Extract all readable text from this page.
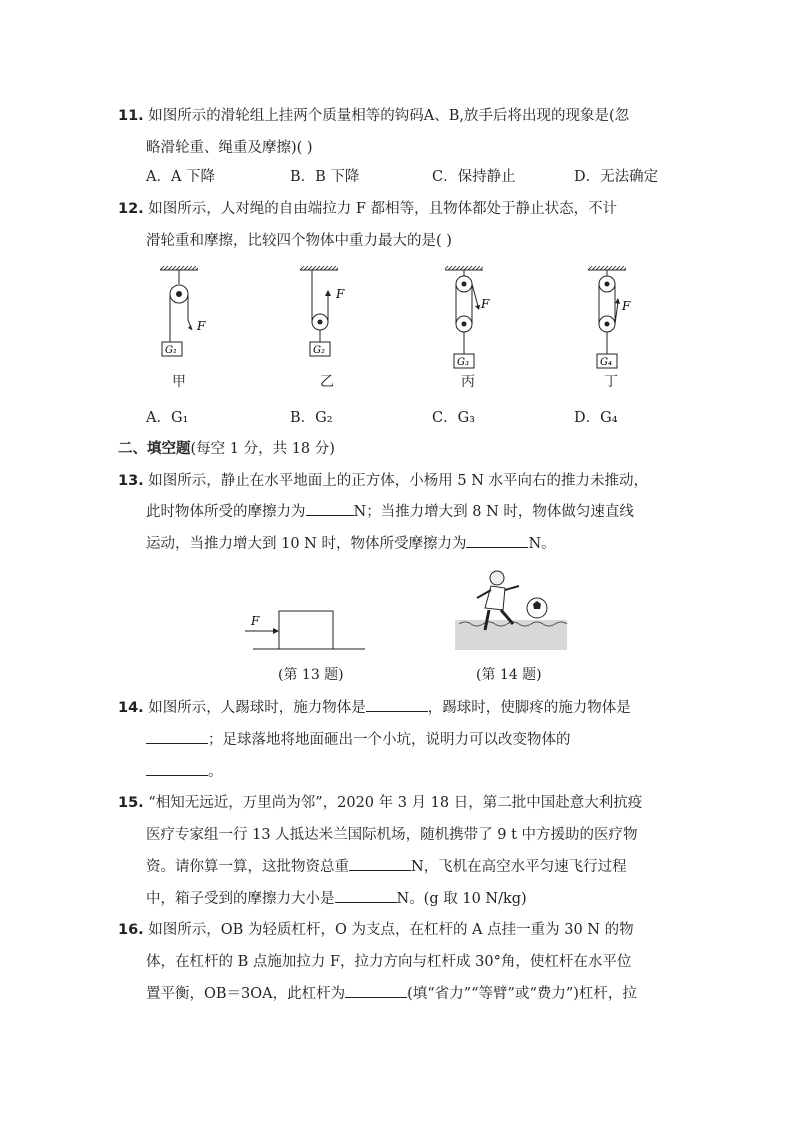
11. 如图所示的滑轮组上挂两个质量相等的钩码A、B,放手后将出现的现象是(忽
略滑轮重、绳重及摩擦)( )
A．A 下降	B．B 下降	C．保持静止	D．无法确定
12. 如图所示，人对绳的自由端拉力 F 都相等，且物体都处于静止状态，不计
滑轮重和摩擦，比较四个物体中重力最大的是( )
F
G₁
F
G₂
F
G₃
F
G₄
甲	乙	丙	丁
A．G₁	B．G₂	C．G₃	D．G₄
二、填空题(每空 1 分，共 18 分)
13. 如图所示，静止在水平地面上的正方体，小杨用 5 N 水平向右的推力未推动，
此时物体所受的摩擦力为	N；当推力增大到 8 N 时，物体做匀速直线
运动，当推力增大到 10 N 时，物体所受摩擦力为	N。
F
(第 13 题)	(第 14 题)
14. 如图所示，人踢球时，施力物体是	，踢球时，使脚疼的施力物体是
；足球落地将地面砸出一个小坑，说明力可以改变物体的
。
15. “相知无远近，万里尚为邻”，2020 年 3 月 18 日，第二批中国赴意大利抗疫
医疗专家组一行 13 人抵达米兰国际机场，随机携带了 9 t 中方援助的医疗物
资。请你算一算，这批物资总重	N，飞机在高空水平匀速飞行过程
中，箱子受到的摩擦力大小是	N。(g 取 10 N/kg)
16. 如图所示，OB 为轻质杠杆，O 为支点，在杠杆的 A 点挂一重为 30 N 的物
体，在杠杆的 B 点施加拉力 F，拉力方向与杠杆成 30°角，使杠杆在水平位
置平衡，OB＝3OA，此杠杆为	(填“省力”“等臂”或“费力”)杠杆，拉
